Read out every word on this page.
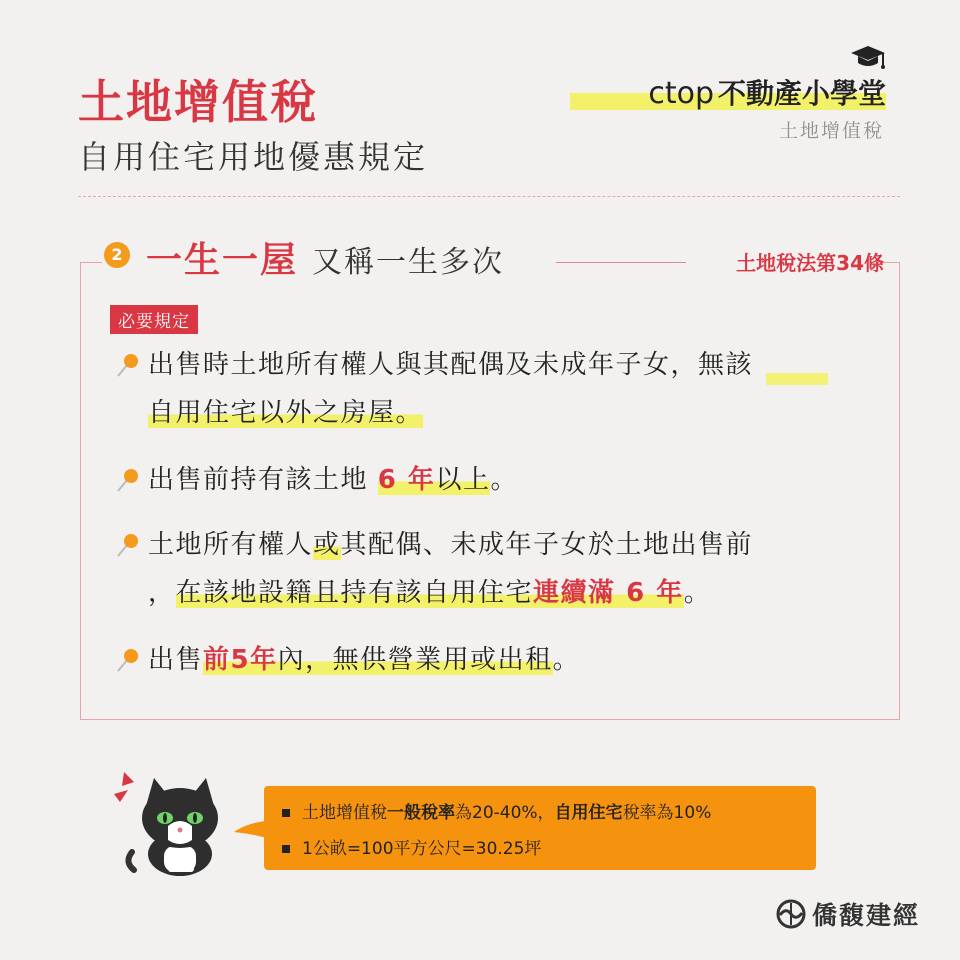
土地增值稅
自用住宅用地優惠規定
ctop 不動產小學堂
土地增值稅
2 一生一屋 又稱一生多次	土地稅法第34條
必要規定
出售時土地所有權人與其配偶及未成年子女，無該
自用住宅以外之房屋。
出售前持有該土地 6 年以上。
土地所有權人或其配偶、未成年子女於土地出售前
，在該地設籍且持有該自用住宅連續滿 6 年。
出售前5年內，無供營業用或出租。
土地增值稅一般稅率為20-40%，自用住宅稅率為10%
1公畝=100平方公尺=30.25坪
僑馥建經
